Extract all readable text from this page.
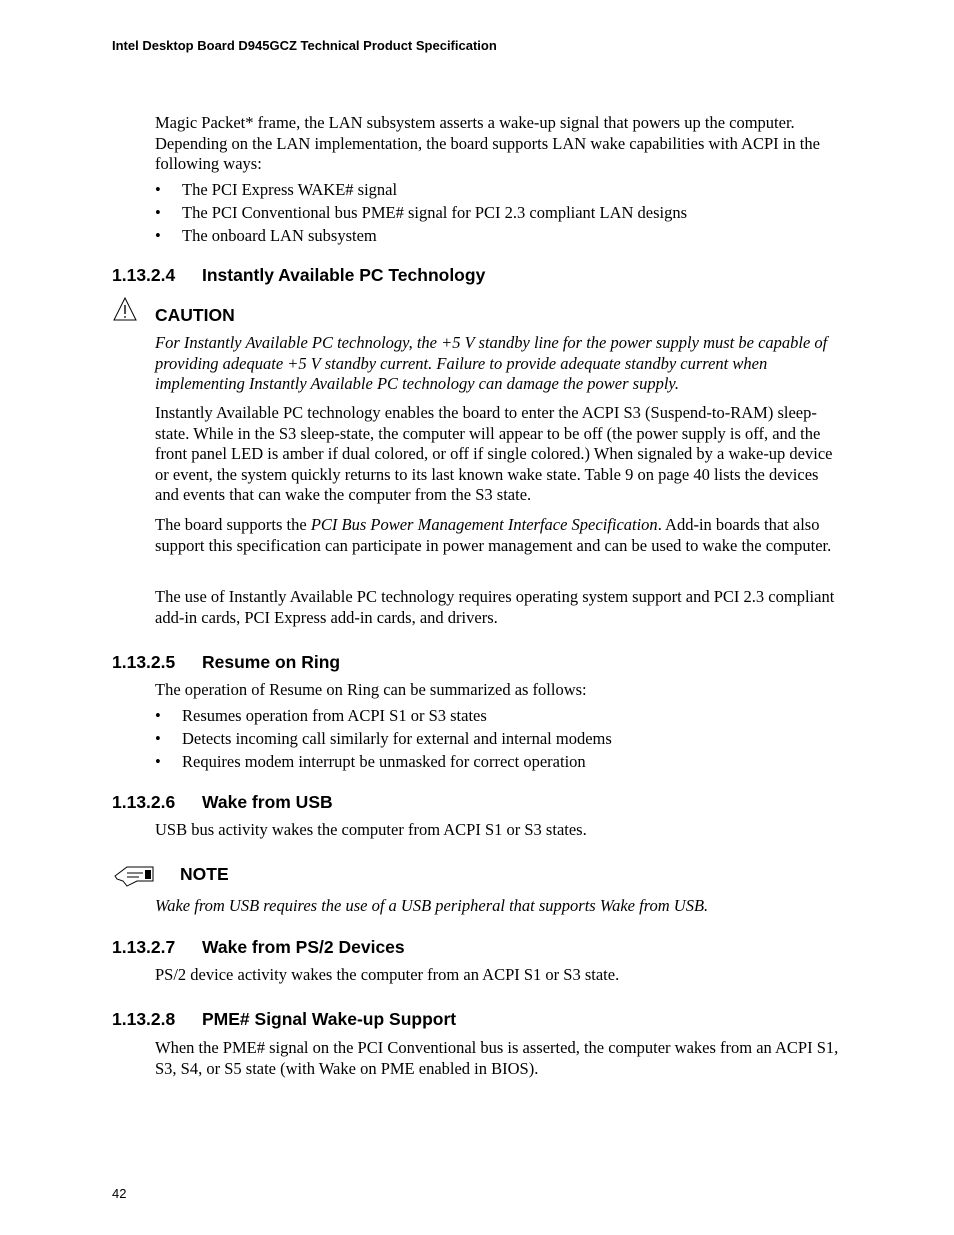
Intel Desktop Board D945GCZ Technical Product Specification

Magic Packet* frame, the LAN subsystem asserts a wake-up signal that powers up the computer. Depending on the LAN implementation, the board supports LAN wake capabilities with ACPI in the following ways:

• The PCI Express WAKE# signal
• The PCI Conventional bus PME# signal for PCI 2.3 compliant LAN designs
• The onboard LAN subsystem
1.13.2.4 Instantly Available PC Technology
CAUTION

For Instantly Available PC technology, the +5 V standby line for the power supply must be capable of providing adequate +5 V standby current. Failure to provide adequate standby current when implementing Instantly Available PC technology can damage the power supply.

Instantly Available PC technology enables the board to enter the ACPI S3 (Suspend-to-RAM) sleep-state. While in the S3 sleep-state, the computer will appear to be off (the power supply is off, and the front panel LED is amber if dual colored, or off if single colored.) When signaled by a wake-up device or event, the system quickly returns to its last known wake state. Table 9 on page 40 lists the devices and events that can wake the computer from the S3 state.

The board supports the PCI Bus Power Management Interface Specification. Add-in boards that also support this specification can participate in power management and can be used to wake the computer.

The use of Instantly Available PC technology requires operating system support and PCI 2.3 compliant add-in cards, PCI Express add-in cards, and drivers.

1.13.2.5 Resume on Ring

The operation of Resume on Ring can be summarized as follows:

• Resumes operation from ACPI S1 or S3 states
• Detects incoming call similarly for external and internal modems
• Requires modem interrupt be unmasked for correct operation
1.13.2.6 Wake from USB

USB bus activity wakes the computer from ACPI S1 or S3 states.

NOTE

Wake from USB requires the use of a USB peripheral that supports Wake from USB.

1.13.2.7 Wake from PS/2 Devices

PS/2 device activity wakes the computer from an ACPI S1 or S3 state.

1.13.2.8 PME# Signal Wake-up Support

When the PME# signal on the PCI Conventional bus is asserted, the computer wakes from an ACPI S1, S3, S4, or S5 state (with Wake on PME enabled in BIOS).

42
